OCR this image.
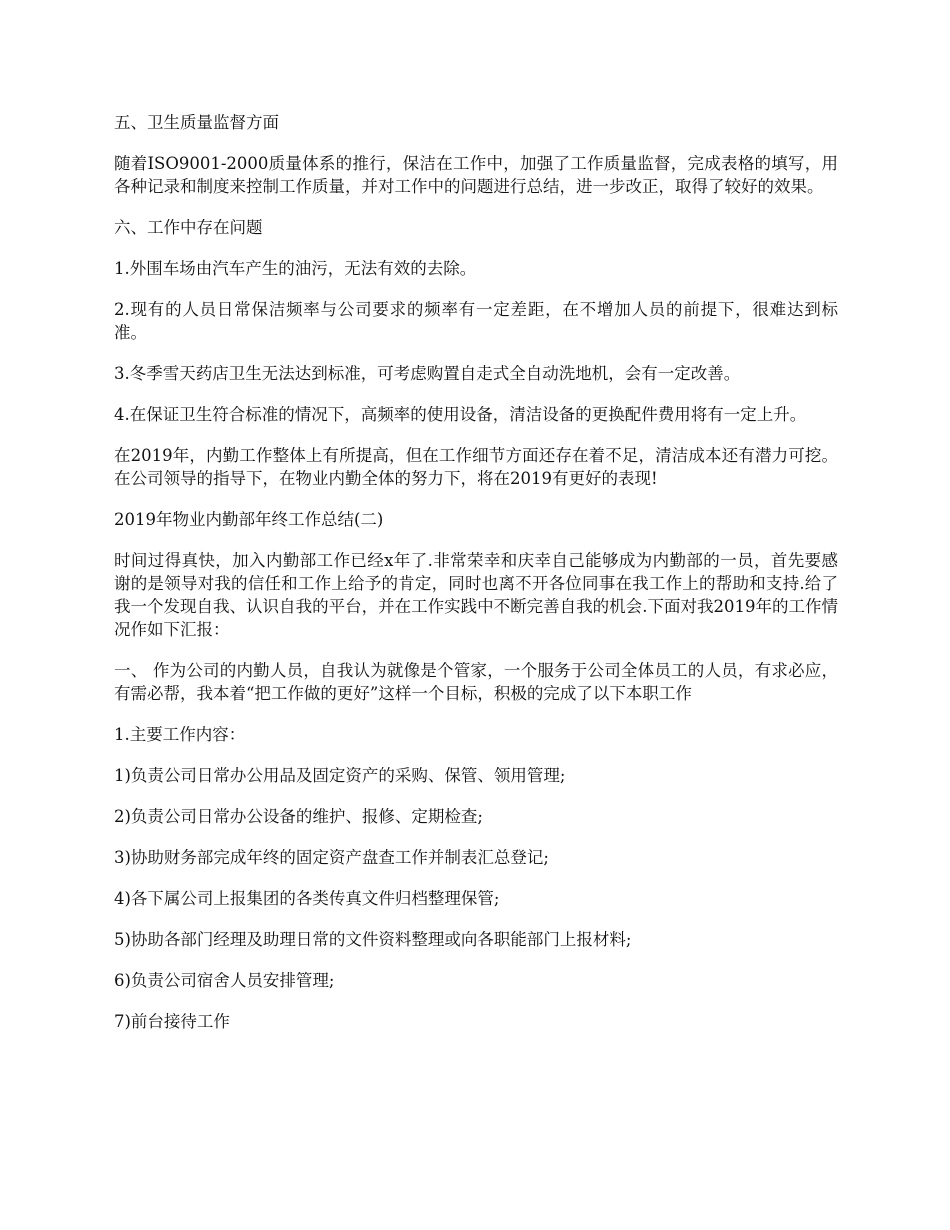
五、卫生质量监督方面

随着ISO9001-2000质量体系的推行，保洁在工作中，加强了工作质量监督，完成表格的填写，用各种记录和制度来控制工作质量，并对工作中的问题进行总结，进一步改正，取得了较好的效果。

六、工作中存在问题

1.外围车场由汽车产生的油污，无法有效的去除。

2.现有的人员日常保洁频率与公司要求的频率有一定差距，在不增加人员的前提下，很难达到标准。

3.冬季雪天药店卫生无法达到标准，可考虑购置自走式全自动洗地机，会有一定改善。

4.在保证卫生符合标准的情况下，高频率的使用设备，清洁设备的更换配件费用将有一定上升。

在2019年，内勤工作整体上有所提高，但在工作细节方面还存在着不足，清洁成本还有潜力可挖。在公司领导的指导下，在物业内勤全体的努力下，将在2019有更好的表现!

2019年物业内勤部年终工作总结(二)

时间过得真快，加入内勤部工作已经x年了.非常荣幸和庆幸自己能够成为内勤部的一员，首先要感谢的是领导对我的信任和工作上给予的肯定，同时也离不开各位同事在我工作上的帮助和支持.给了我一个发现自我、认识自我的平台，并在工作实践中不断完善自我的机会.下面对我2019年的工作情况作如下汇报：

一、 作为公司的内勤人员，自我认为就像是个管家，一个服务于公司全体员工的人员，有求必应，有需必帮，我本着“把工作做的更好”这样一个目标，积极的完成了以下本职工作

1.主要工作内容：

1)负责公司日常办公用品及固定资产的采购、保管、领用管理;

2)负责公司日常办公设备的维护、报修、定期检查;

3)协助财务部完成年终的固定资产盘查工作并制表汇总登记;

4)各下属公司上报集团的各类传真文件归档整理保管;

5)协助各部门经理及助理日常的文件资料整理或向各职能部门上报材料;

6)负责公司宿舍人员安排管理;

7)前台接待工作
